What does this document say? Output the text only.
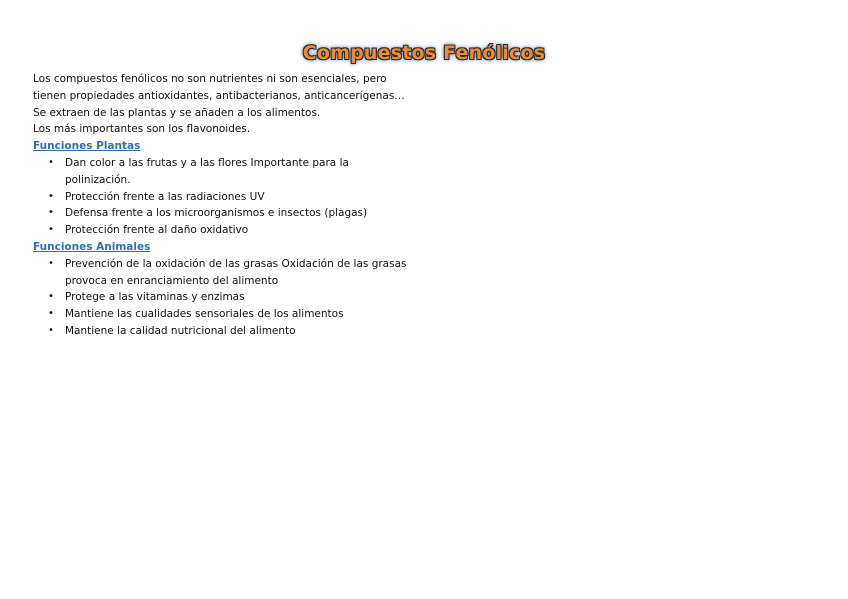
Compuestos Fenólicos
Los compuestos fenólicos no son nutrientes ni son esenciales, pero
tienen propiedades antioxidantes, antibacterianos, anticancerígenas…
Se extraen de las plantas y se añaden a los alimentos.
Los más importantes son los flavonoides.
Funciones Plantas
• Dan color a las frutas y a las flores Importante para la polinización.
• Protección frente a las radiaciones UV
• Defensa frente a los microorganismos e insectos (plagas)
• Protección frente al daño oxidativo
Funciones Animales
• Prevención de la oxidación de las grasas Oxidación de las grasas provoca en enranciamiento del alimento
• Protege a las vitaminas y enzimas
• Mantiene las cualidades sensoriales de los alimentos
• Mantiene la calidad nutricional del alimento
